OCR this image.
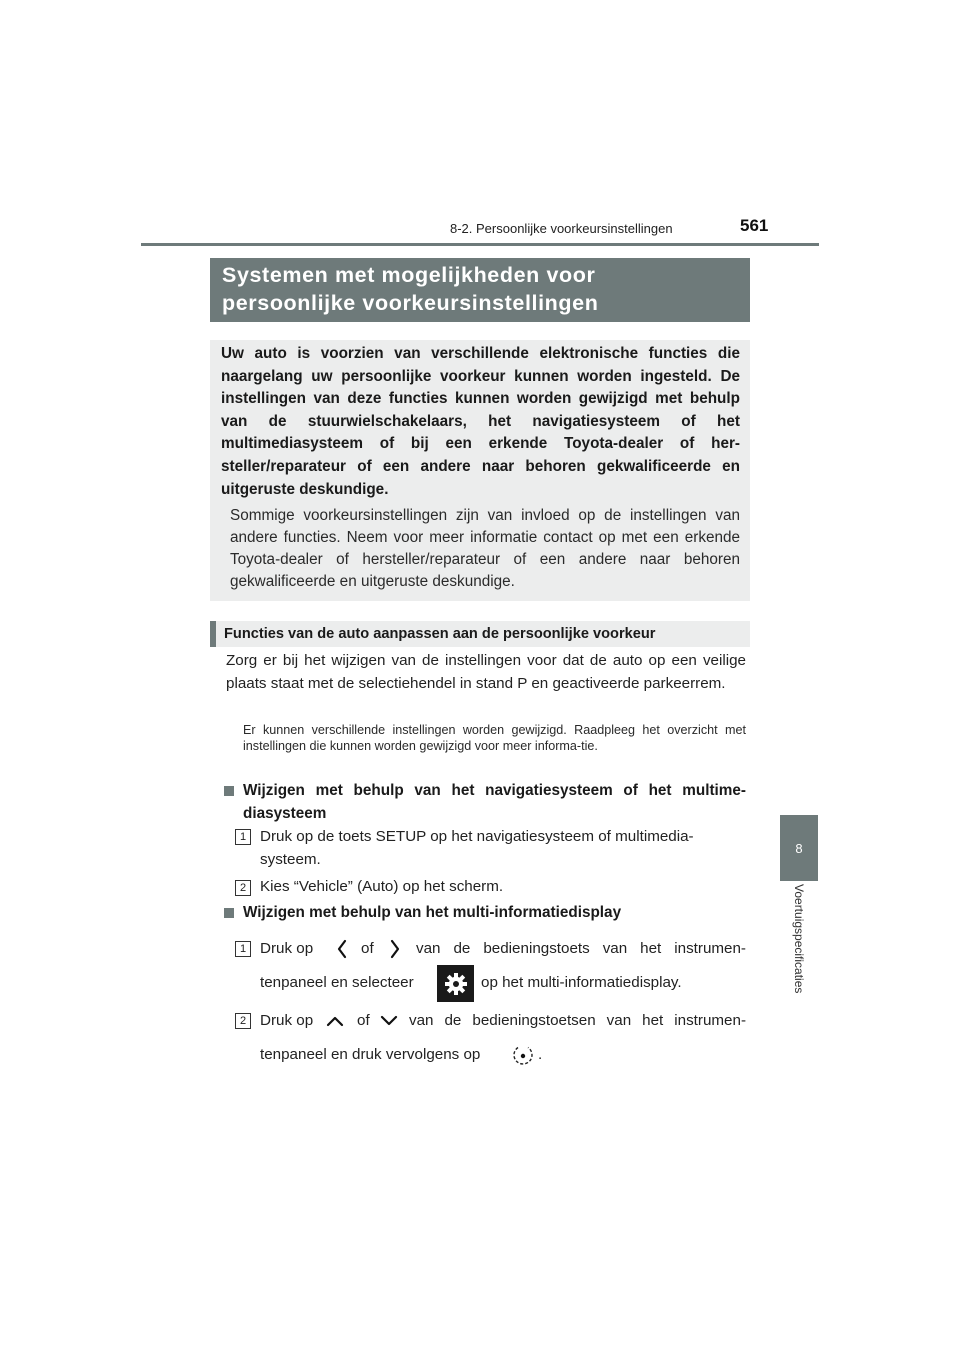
8-2. Persoonlijke voorkeursinstellingen	561
8
Voertuigspecificaties
Systemen met mogelijkheden voor
persoonlijke voorkeursinstellingen

Uw auto is voorzien van verschillende elektronische functies die naargelang uw persoonlijke voorkeur kunnen worden ingesteld. De instellingen van deze functies kunnen worden gewijzigd met behulp van de stuurwielschakelaars, het navigatiesysteem of het multimediasysteem of bij een erkende Toyota-dealer of her-steller/reparateur of een andere naar behoren gekwalificeerde en uitgeruste deskundige.

Sommige voorkeursinstellingen zijn van invloed op de instellingen van andere functies. Neem voor meer informatie contact op met een erkende Toyota-dealer of hersteller/reparateur of een andere naar behoren gekwalificeerde en uitgeruste deskundige.

Functies van de auto aanpassen aan de persoonlijke voorkeur

Zorg er bij het wijzigen van de instellingen voor dat de auto op een veilige plaats staat met de selectiehendel in stand P en geactiveerde parkeerrem.

Er kunnen verschillende instellingen worden gewijzigd. Raadpleeg het overzicht met instellingen die kunnen worden gewijzigd voor meer informa-tie.

Wijzigen met behulp van het navigatiesysteem of het multime-
diasysteem
1 Druk op de toets SETUP op het navigatiesysteem of multimedia-systeem.
2 Kies “Vehicle” (Auto) op het scherm.
Wijzigen met behulp van het multi-informatiedisplay
1 Druk op	of	van de bedieningstoets van het instrumen-
tenpaneel en selecteer	op het multi-informatiedisplay.
2 Druk op	of	van de bedieningstoetsen van het instrumen-
tenpaneel en druk vervolgens op	.
